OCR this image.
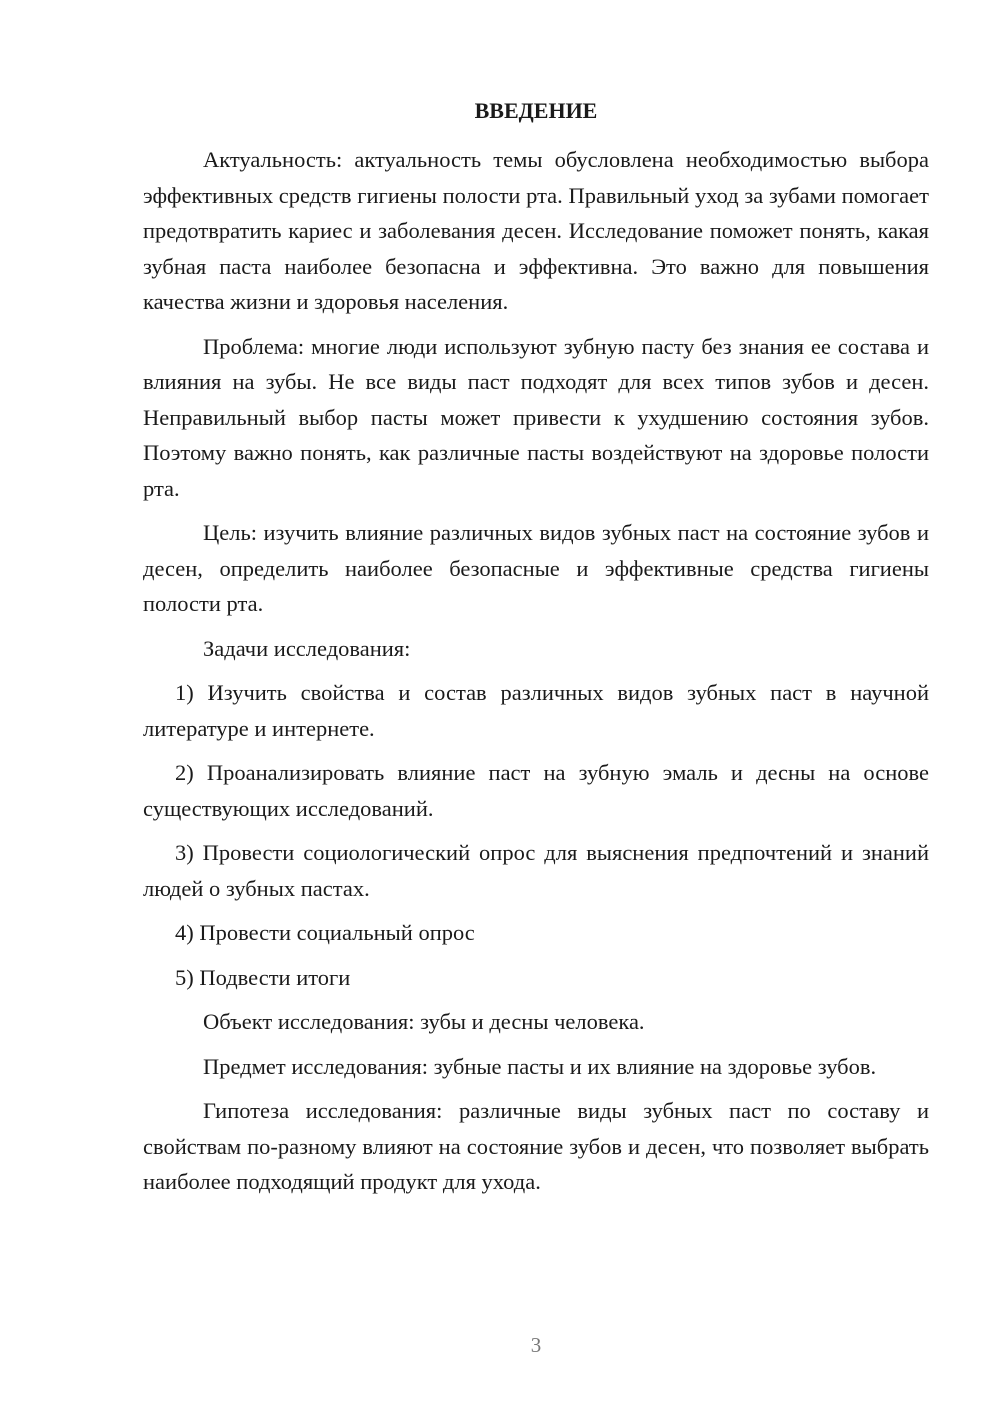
ВВЕДЕНИЕ

Актуальность: актуальность темы обусловлена необходимостью выбора эффективных средств гигиены полости рта. Правильный уход за зубами помогает предотвратить кариес и заболевания десен. Исследование поможет понять, какая зубная паста наиболее безопасна и эффективна. Это важно для повышения качества жизни и здоровья населения.

Проблема: многие люди используют зубную пасту без знания ее состава и влияния на зубы. Не все виды паст подходят для всех типов зубов и десен. Неправильный выбор пасты может привести к ухудшению состояния зубов. Поэтому важно понять, как различные пасты воздействуют на здоровье полости рта.

Цель: изучить влияние различных видов зубных паст на состояние зубов и десен, определить наиболее безопасные и эффективные средства гигиены полости рта.

Задачи исследования:

1) Изучить свойства и состав различных видов зубных паст в научной литературе и интернете.

2) Проанализировать влияние паст на зубную эмаль и десны на основе существующих исследований.

3) Провести социологический опрос для выяснения предпочтений и знаний людей о зубных пастах.

4) Провести социальный опрос

5) Подвести итоги

Объект исследования: зубы и десны человека.

Предмет исследования: зубные пасты и их влияние на здоровье зубов.

Гипотеза исследования: различные виды зубных паст по составу и свойствам по-разному влияют на состояние зубов и десен, что позволяет выбрать наиболее подходящий продукт для ухода.

3
